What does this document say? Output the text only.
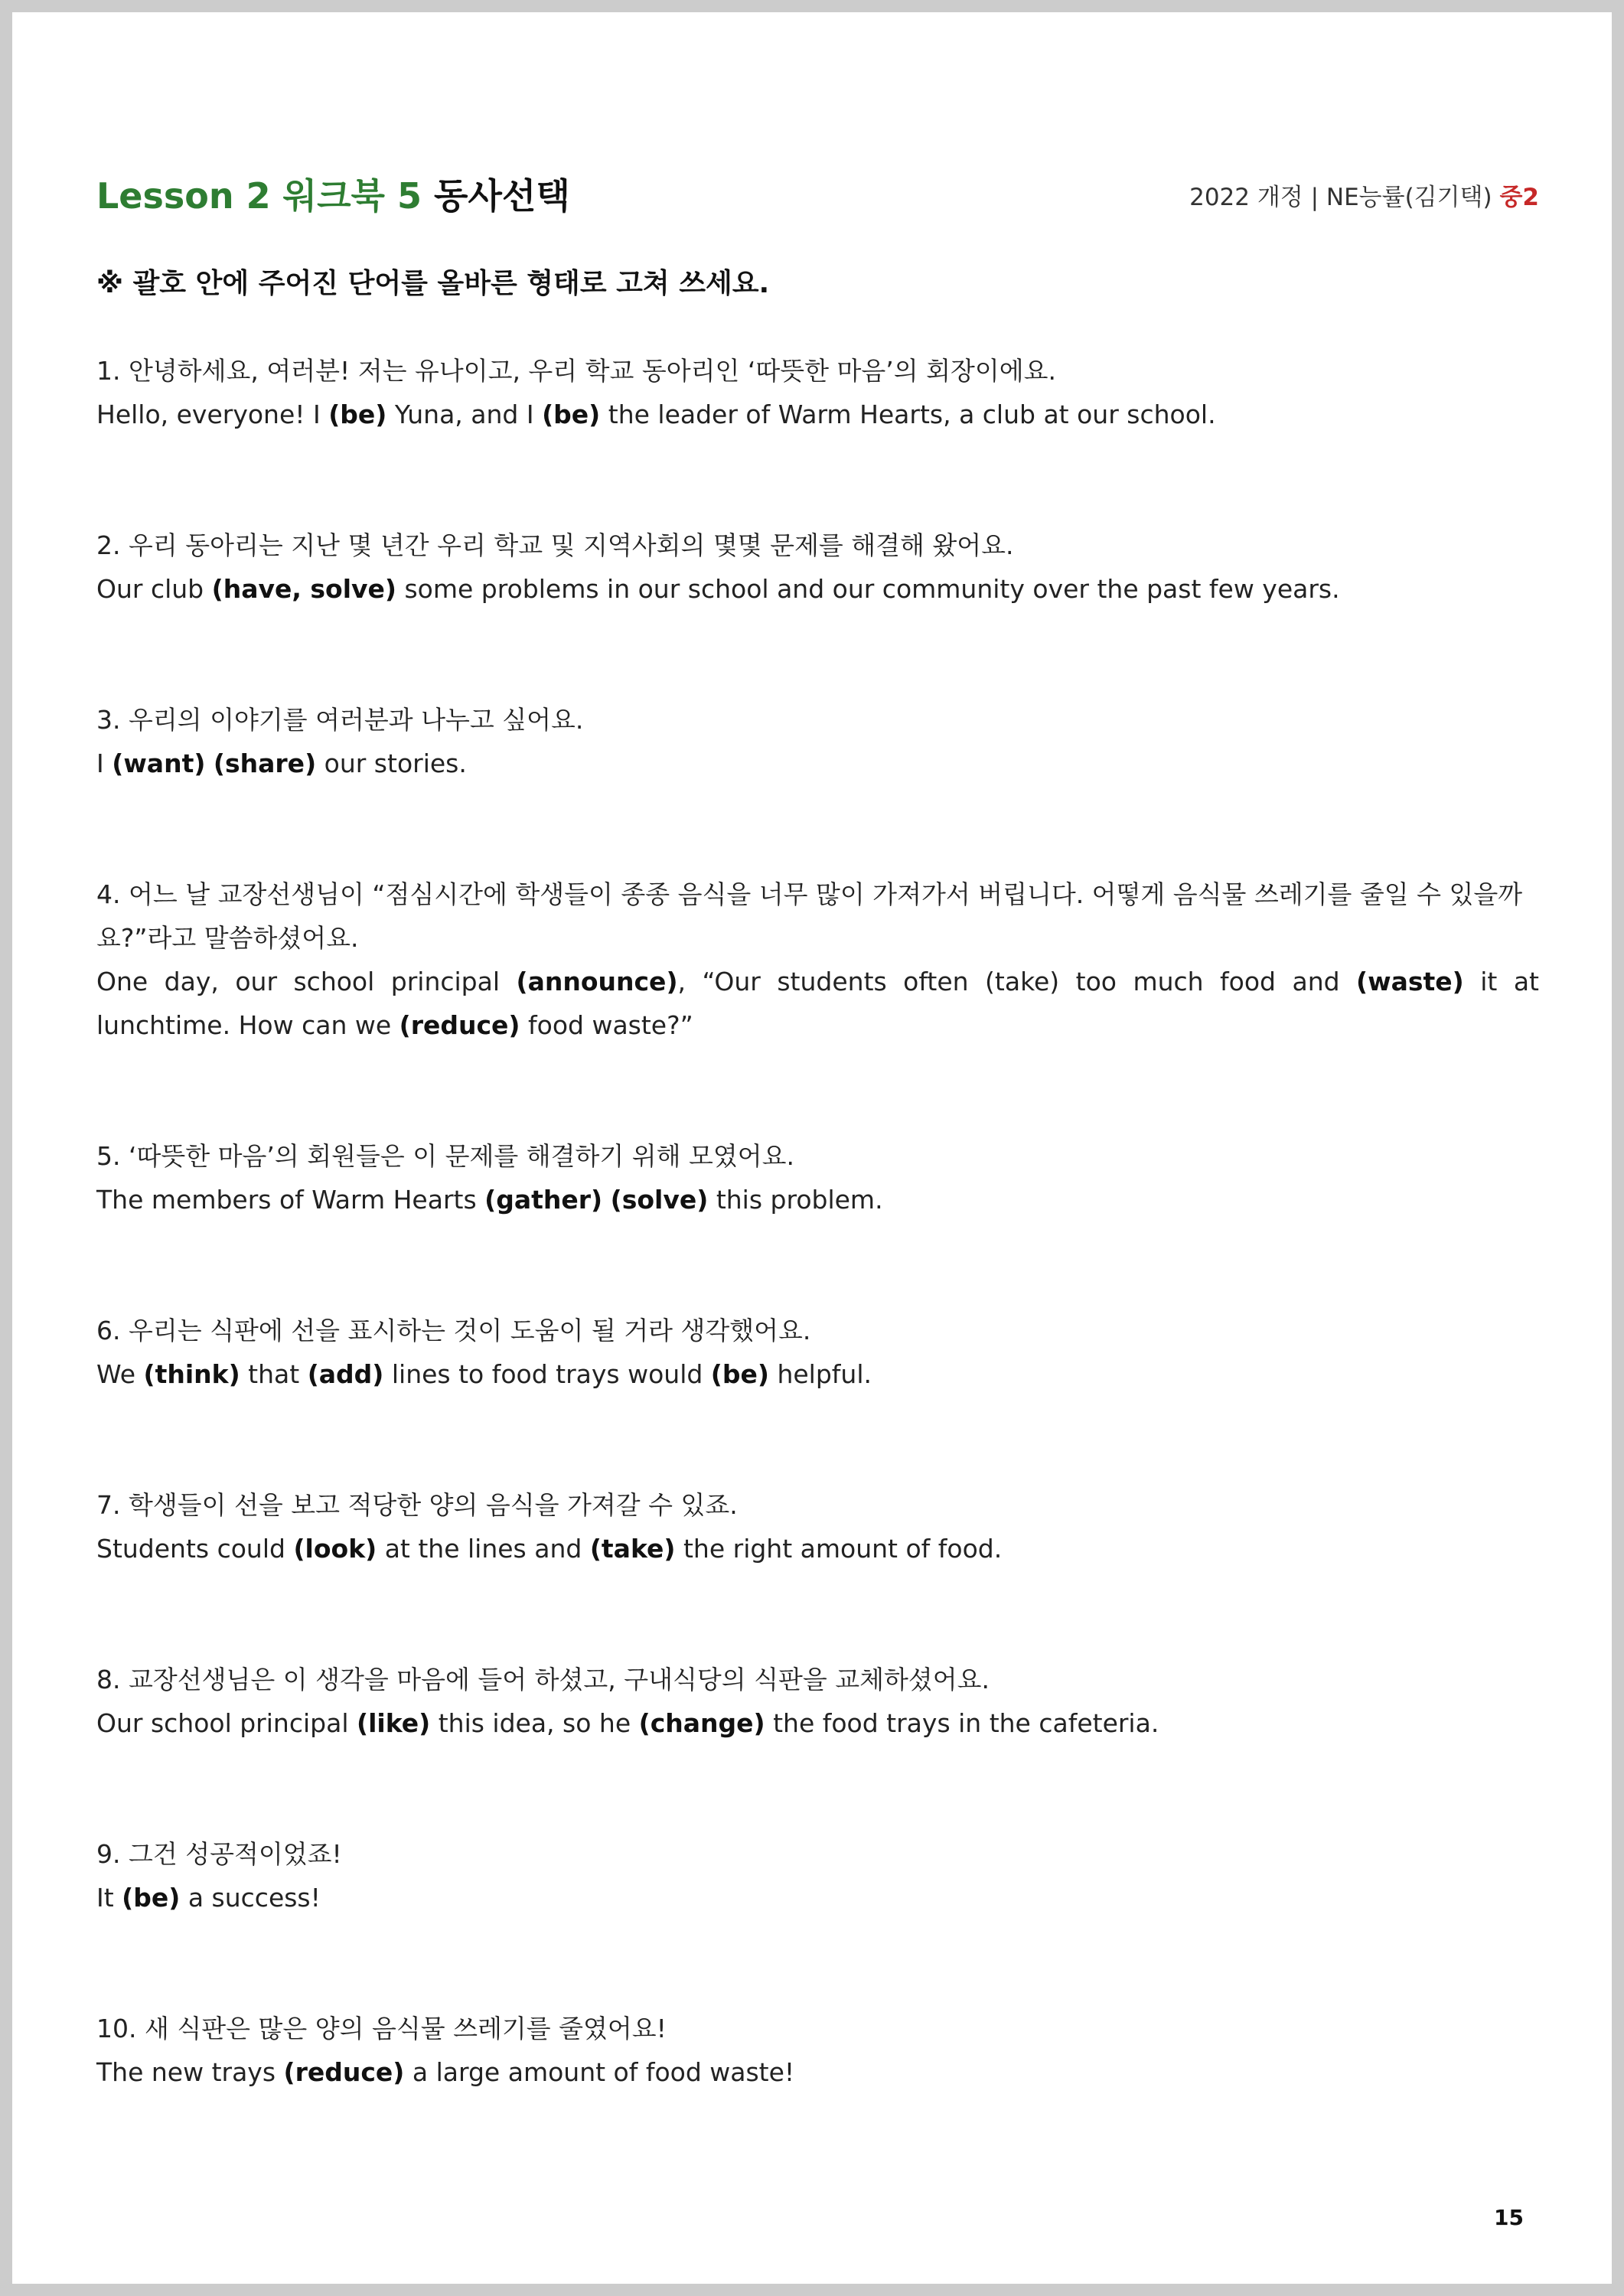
Lesson 2 워크북 5 동사선택	2022 개정 | NE능률(김기택) 중2
※ 괄호 안에 주어진 단어를 올바른 형태로 고쳐 쓰세요.
1. 안녕하세요, 여러분! 저는 유나이고, 우리 학교 동아리인 ‘따뜻한 마음’의 회장이에요.
Hello, everyone! I (be) Yuna, and I (be) the leader of Warm Hearts, a club at our school.
2. 우리 동아리는 지난 몇 년간 우리 학교 및 지역사회의 몇몇 문제를 해결해 왔어요.
Our club (have, solve) some problems in our school and our community over the past few years.
3. 우리의 이야기를 여러분과 나누고 싶어요.
I (want) (share) our stories.
4. 어느 날 교장선생님이 “점심시간에 학생들이 종종 음식을 너무 많이 가져가서 버립니다. 어떻게 음식물 쓰레기를 줄일 수 있을까요?”라고 말씀하셨어요.
One day, our school principal (announce), “Our students often (take) too much food and (waste) it at lunchtime. How can we (reduce) food waste?”
5. ‘따뜻한 마음’의 회원들은 이 문제를 해결하기 위해 모였어요.
The members of Warm Hearts (gather) (solve) this problem.
6. 우리는 식판에 선을 표시하는 것이 도움이 될 거라 생각했어요.
We (think) that (add) lines to food trays would (be) helpful.
7. 학생들이 선을 보고 적당한 양의 음식을 가져갈 수 있죠.
Students could (look) at the lines and (take) the right amount of food.
8. 교장선생님은 이 생각을 마음에 들어 하셨고, 구내식당의 식판을 교체하셨어요.
Our school principal (like) this idea, so he (change) the food trays in the cafeteria.
9. 그건 성공적이었죠!
It (be) a success!
10. 새 식판은 많은 양의 음식물 쓰레기를 줄였어요!
The new trays (reduce) a large amount of food waste!
15
